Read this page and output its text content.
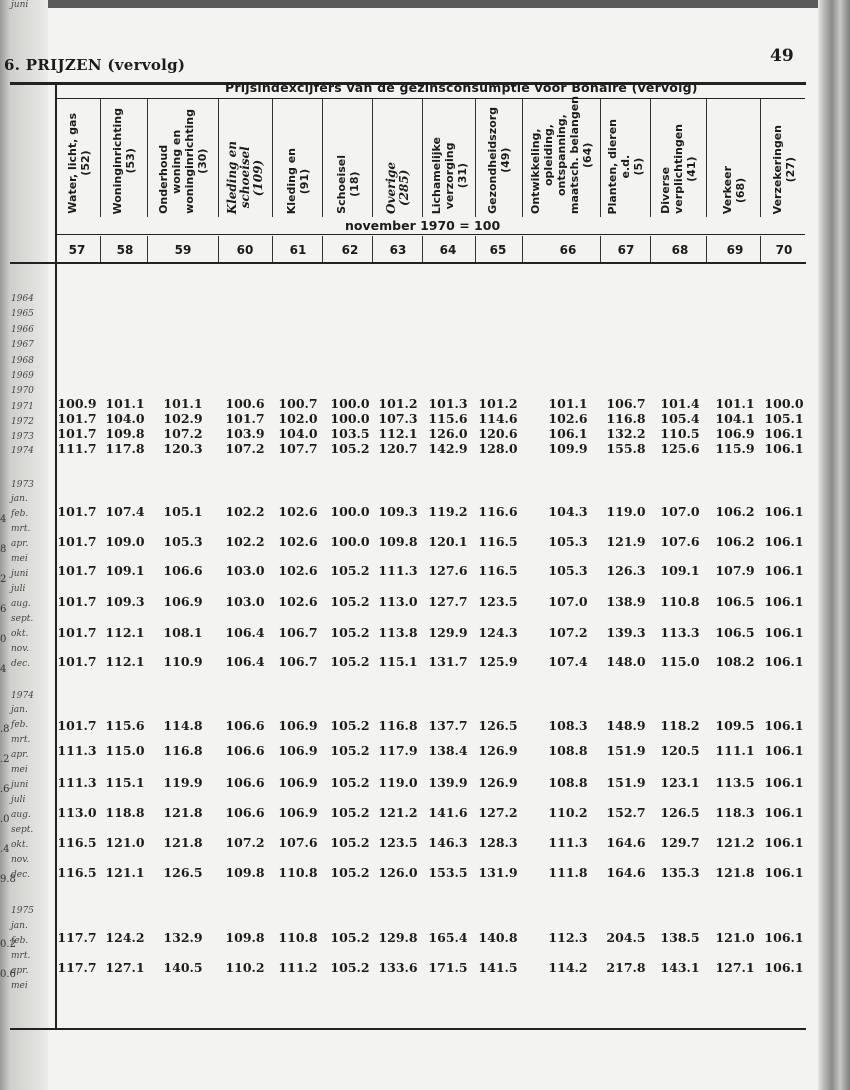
6. PRIJZEN (vervolg)	49
Prijsindexcijfers van de gezinsconsumptie voor Bonaire (vervolg)
november 1970 = 100
Water, licht, gas (52)
57
Woninginrichting (53)
58
Onderhoud woning en woninginrichting (30)
59
Kleding en schoeisel (109)
60
Kleding en (91)
61
Schoeisel (18)
62
Overige (285)
63
Lichamelijke verzorging (31)
64
Gezondheidszorg (49)
65
Ontwikkeling, opleiding, ontspanning, maatsch. belangen (64)
66
Planten, dieren e.d. (5)
67
Diverse verplichtingen (41)
68
Verkeer (68)
69
Verzekeringen (27)
70
100.9 101.1 101.1 100.6 100.7 100.0 101.2 101.3 101.2 101.1 106.7 101.4 101.1 100.0
101.7 104.0 102.9 101.7 102.0 100.0 107.3 115.6 114.6 102.6 116.8 105.4 104.1 105.1
101.7 109.8 107.2 103.9 104.0 103.5 112.1 126.0 120.6 106.1 132.2 110.5 106.9 106.1
111.7 117.8 120.3 107.2 107.7 105.2 120.7 142.9 128.0 109.9 155.8 125.6 115.9 106.1
101.7 107.4 105.1 102.2 102.6 100.0 109.3 119.2 116.6 104.3 119.0 107.0 106.2 106.1
101.7 109.0 105.3 102.2 102.6 100.0 109.8 120.1 116.5 105.3 121.9 107.6 106.2 106.1
101.7 109.1 106.6 103.0 102.6 105.2 111.3 127.6 116.5 105.3 126.3 109.1 107.9 106.1
101.7 109.3 106.9 103.0 102.6 105.2 113.0 127.7 123.5 107.0 138.9 110.8 106.5 106.1
101.7 112.1 108.1 106.4 106.7 105.2 113.8 129.9 124.3 107.2 139.3 113.3 106.5 106.1
101.7 112.1 110.9 106.4 106.7 105.2 115.1 131.7 125.9 107.4 148.0 115.0 108.2 106.1
101.7 115.6 114.8 106.6 106.9 105.2 116.8 137.7 126.5 108.3 148.9 118.2 109.5 106.1
111.3 115.0 116.8 106.6 106.9 105.2 117.9 138.4 126.9 108.8 151.9 120.5 111.1 106.1
111.3 115.1 119.9 106.6 106.9 105.2 119.0 139.9 126.9 108.8 151.9 123.1 113.5 106.1
113.0 118.8 121.8 106.6 106.9 105.2 121.2 141.6 127.2 110.2 152.7 126.5 118.3 106.1
116.5 121.0 121.8 107.2 107.6 105.2 123.5 146.3 128.3 111.3 164.6 129.7 121.2 106.1
116.5 121.1 126.5 109.8 110.8 105.2 126.0 153.5 131.9 111.8 164.6 135.3 121.8 106.1
117.7 124.2 132.9 109.8 110.8 105.2 129.8 165.4 140.8 112.3 204.5 138.5 121.0 106.1
117.7 127.1 140.5 110.2 111.2 105.2 133.6 171.5 141.5 114.2 217.8 143.1 127.1 106.1
1964
1965
1966
1967
1968
1969
1970
1971
1972
1973
1974
1973
jan.
feb.
mrt.
apr.
mei
juni
juli
aug.
sept.
okt.
nov.
dec.
1974
jan.
feb.
mrt.
apr.
mei
juni
juli
aug.
sept.
okt.
nov.
dec.
1975
jan.
feb.
mrt.
apr.
mei
juni
4
8
2
6
0
4
.8
.2
.6
.0
.4
9.8
0.2
0.6
